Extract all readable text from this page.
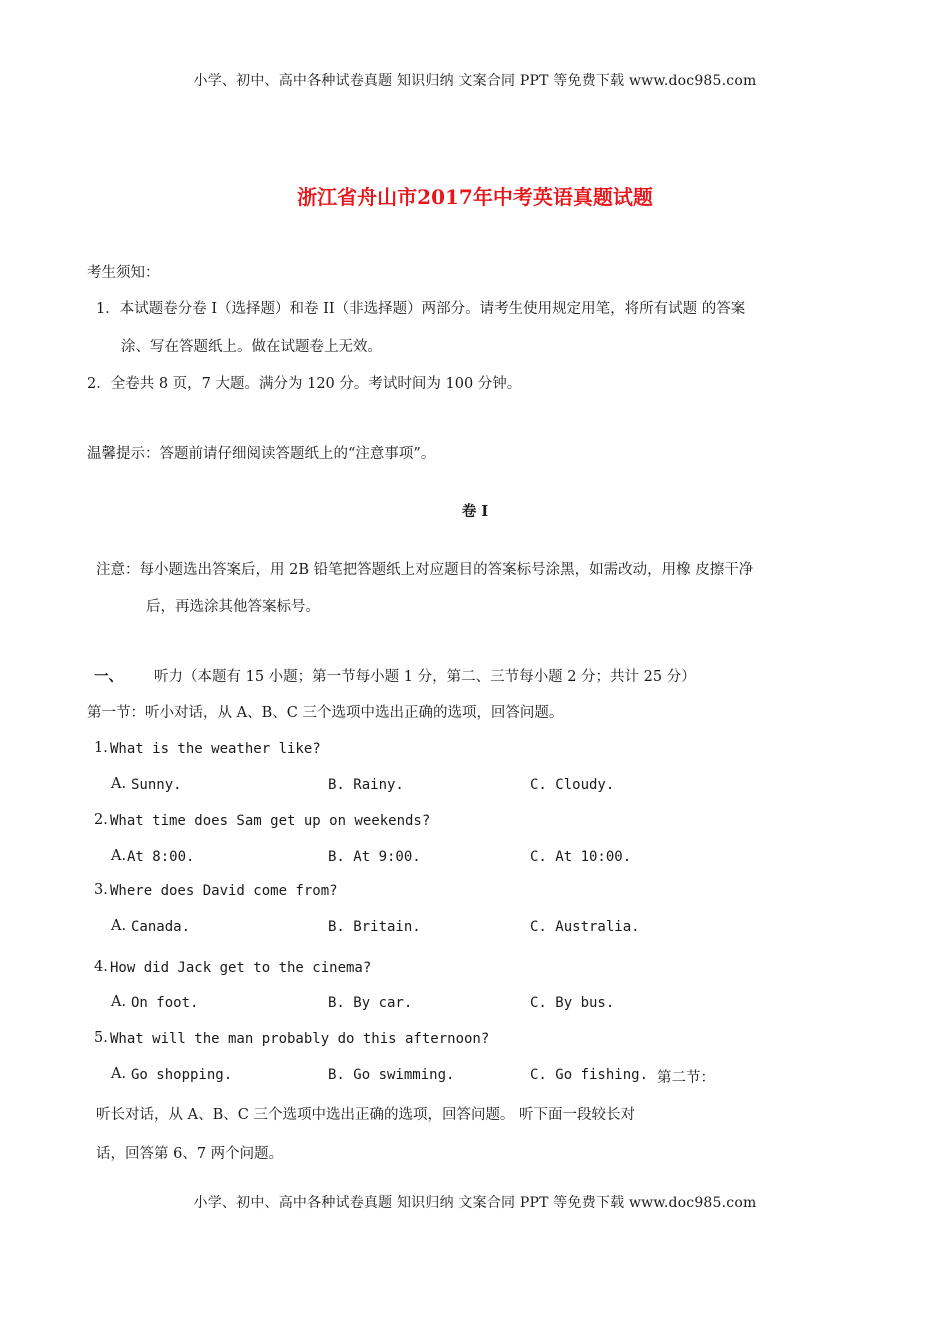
小学、初中、高中各种试卷真题 知识归纳 文案合同 PPT 等免费下载 www.doc985.com
浙江省舟山市2017年中考英语真题试题
考生须知：
1．本试题卷分卷 I（选择题）和卷 II（非选择题）两部分。请考生使用规定用笔，将所有试题 的答案
涂、写在答题纸上。做在试题卷上无效。
2．全卷共 8 页，7 大题。满分为 120 分。考试时间为 100 分钟。
温馨提示：答题前请仔细阅读答题纸上的“注意事项”。
卷 I
注意：每小题选出答案后，用 2B 铅笔把答题纸上对应题目的答案标号涂黑，如需改动，用橡 皮擦干净
后，再选涂其他答案标号。
一、 听力（本题有 15 小题；第一节每小题 1 分，第二、三节每小题 2 分；共计 25 分）
第一节：听小对话，从 A、B、C 三个选项中选出正确的选项，回答问题。
1. What is the weather like?
A. Sunny.	B. Rainy.	C. Cloudy.
2. What time does Sam get up on weekends?
A. At 8:00.	B. At 9:00.	C. At 10:00.
3. Where does David come from?
A. Canada.	B. Britain.	C. Australia.
4. How did Jack get to the cinema?
A. On foot.	B. By car.	C. By bus.
5. What will the man probably do this afternoon?
A. Go shopping.	B. Go swimming.	C. Go fishing. 第二节：
听长对话，从 A、B、C 三个选项中选出正确的选项，回答问题。 听下面一段较长对
话，回答第 6、7 两个问题。
小学、初中、高中各种试卷真题 知识归纳 文案合同 PPT 等免费下载 www.doc985.com
